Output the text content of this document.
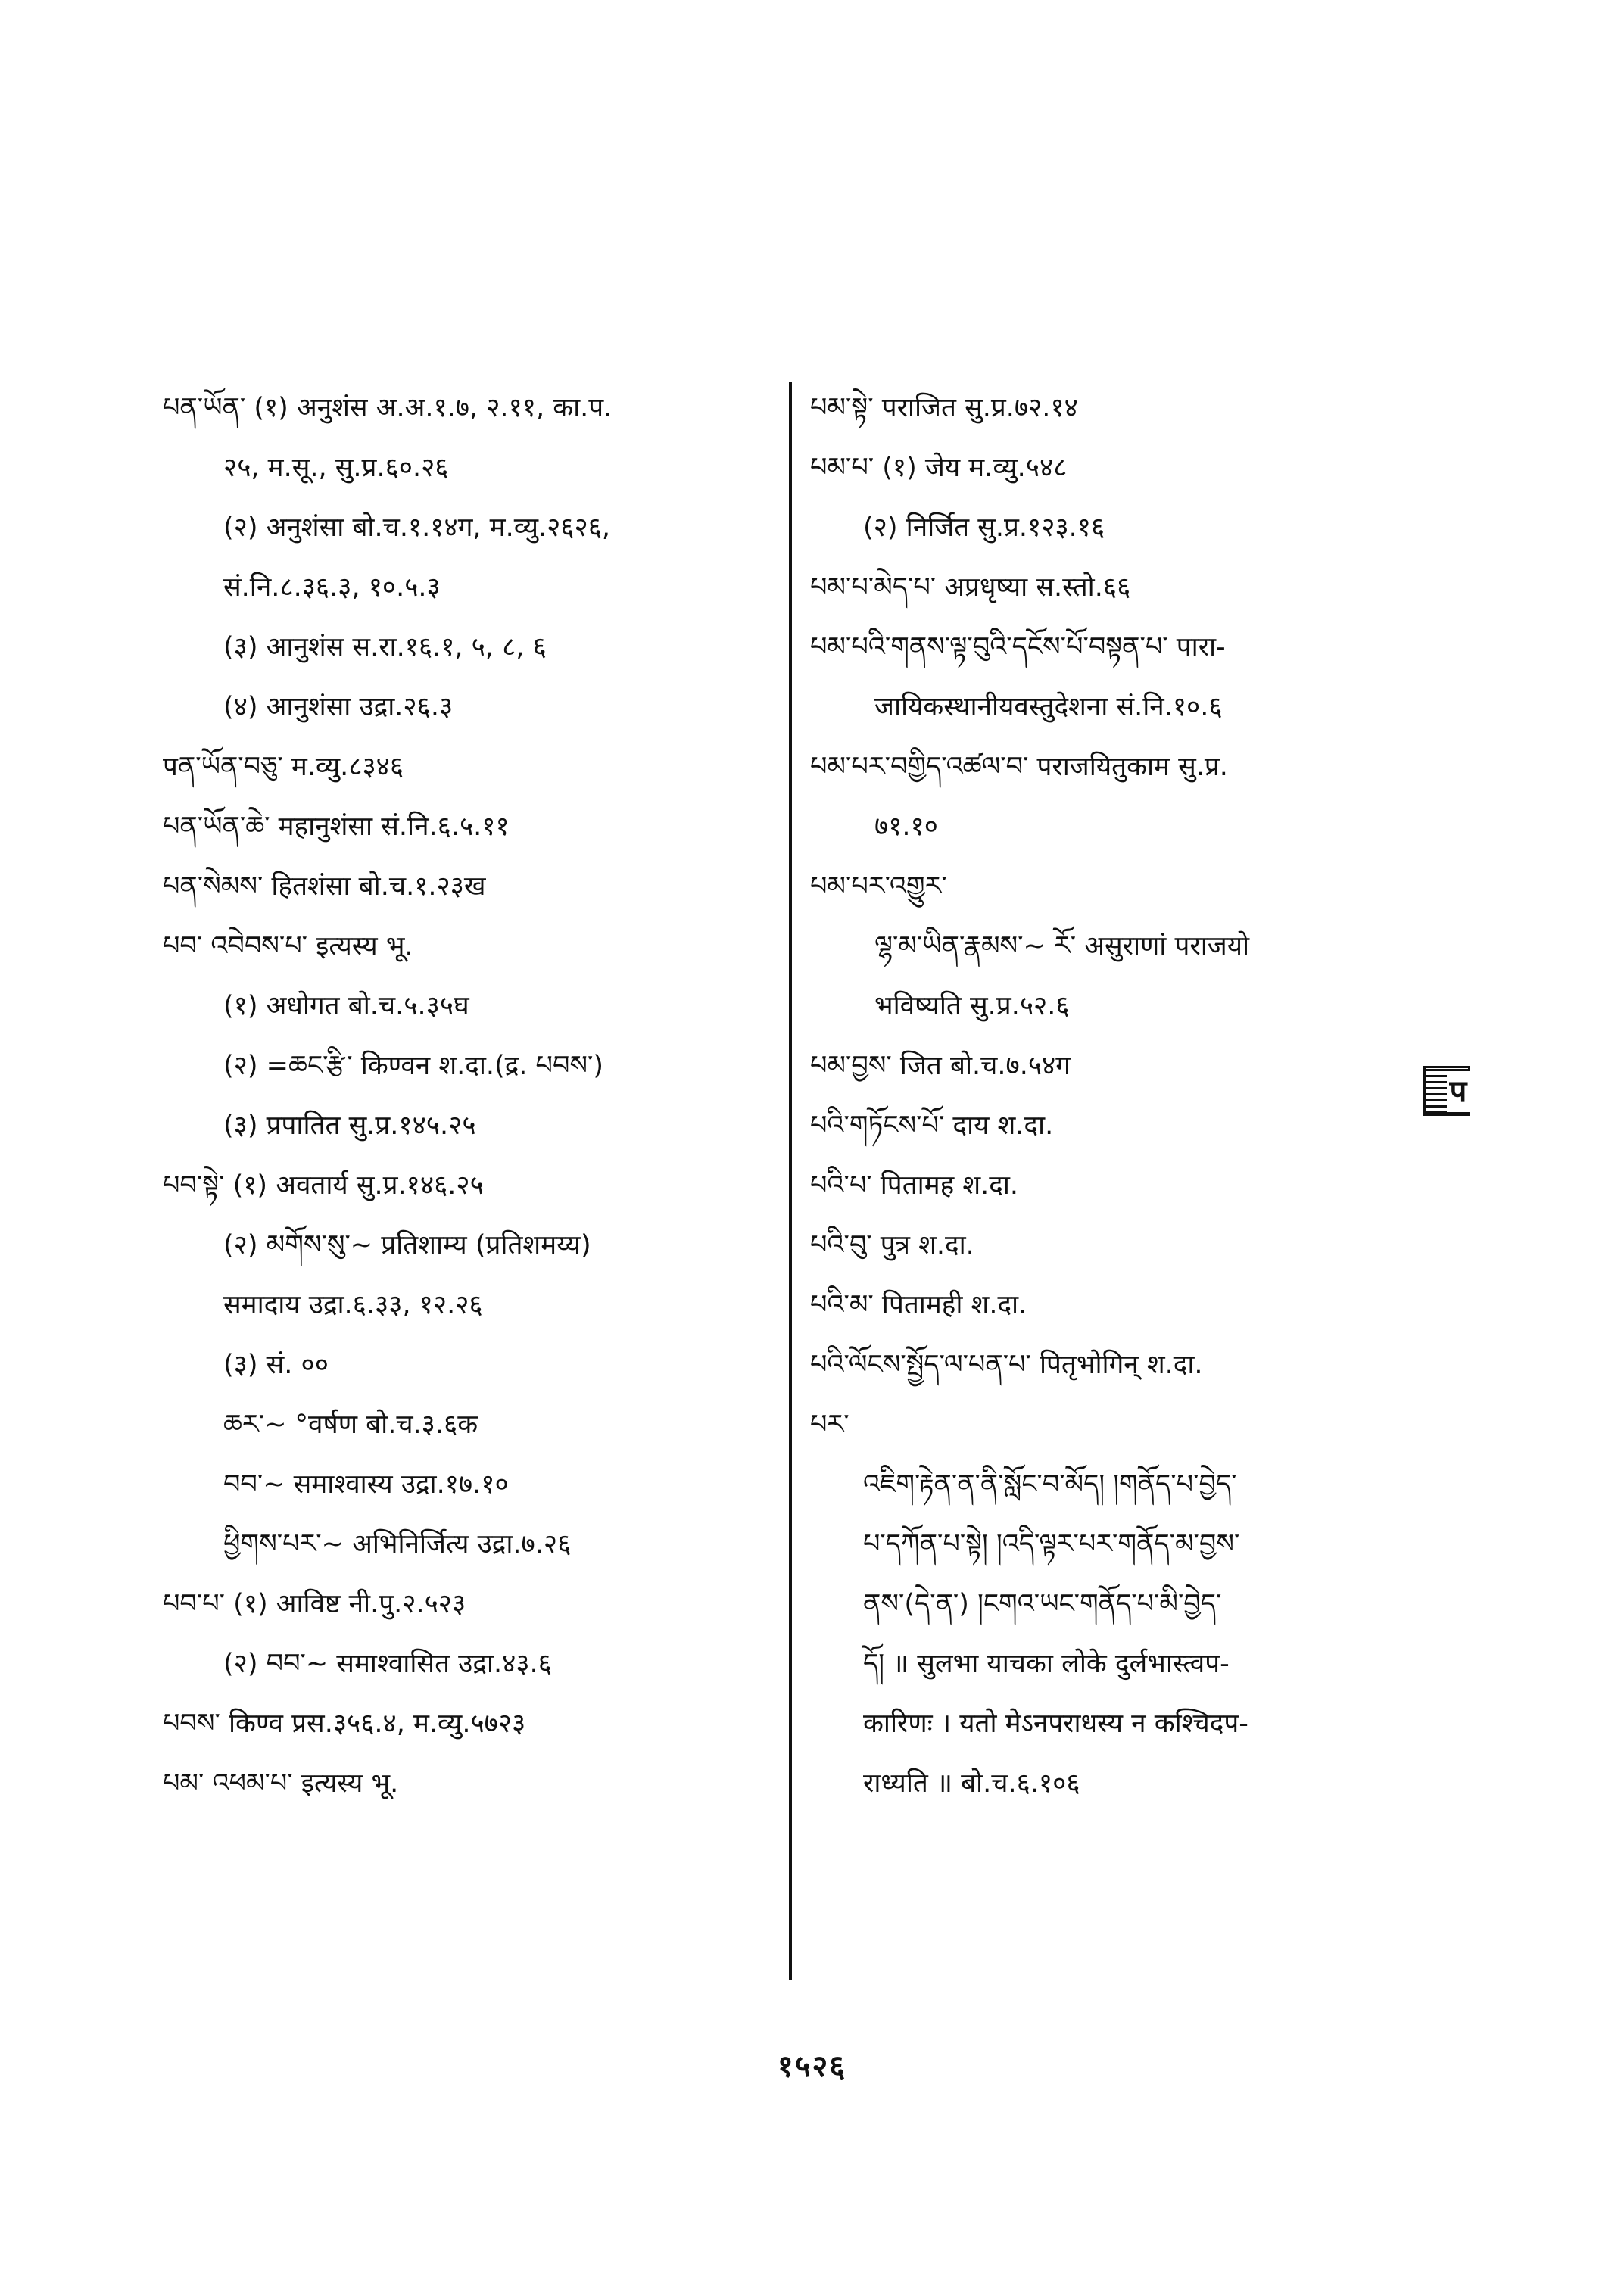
པན་ཡོན་ (१) अनुशंस अ.अ.१.७, २.११, का.प.
२५, म.सू., सु.प्र.६०.२६
(२) अनुशंसा बो.च.१.१४ग, म.व्यु.२६२६,
सं.नि.८.३६.३, १०.५.३
(३) आनुशंस स.रा.१६.१, ५, ८, ६
(४) आनुशंसा उद्रा.२६.३
पན་ཡོན་བཅུ་ म.व्यु.८३४६
པན་ཡོན་ཆེ་ महानुशंसा सं.नि.६.५.११
པན་སེམས་ हितशंसा बो.च.१.२३ख
པབ་ འབེབས་པ་ इत्यस्य भू.
(१) अधोगत बो.च.५.३५घ
(२) =ཆང་རྩི་ किण्वन श.दा.(द्र. པབས་)
(३) प्रपातित सु.प्र.१४५.२५
པབ་སྟེ་ (१) अवतार्य सु.प्र.१४६.२५
(२) མགོས་སུ་~ प्रतिशाम्य (प्रतिशमय्य)
समादाय उद्रा.६.३३, १२.२६
(३) सं. ००
ཆར་~ °वर्षण बो.च.३.६क
བབ་~ समाश्वास्य उद्रा.१७.१०
ཕྱིགས་པར་~ अभिनिर्जित्य उद्रा.७.२६
པབ་པ་ (१) आविष्ट नी.पु.२.५२३
(२) བབ་~ समाश्वासित उद्रा.४३.६
པབས་ किण्व प्रस.३५६.४, म.व्यु.५७२३
པམ་ འཕམ་པ་ इत्यस्य भू.
པམ་སྟེ་ पराजित सु.प्र.७२.१४
པམ་པ་ (१) जेय म.व्यु.५४८
(२) निर्जित सु.प्र.१२३.१६
པམ་པ་མེད་པ་ अप्रधृष्या स.स्तो.६६
པམ་པའི་གནས་ལྟ་བུའི་དངོས་པོ་བསྟན་པ་ पारा-
जायिकस्थानीयवस्तुदेशना सं.नि.१०.६
པམ་པར་བགྱིད་འཚལ་བ་ पराजयितुकाम सु.प्र.
७१.१०
པམ་པར་འགྱུར་
ལྷ་མ་ཡིན་རྣམས་~ རོ་ असुराणां पराजयो
भविष्यति सु.प्र.५२.६
པམ་བྱས་ जित बो.च.७.५४ग
པའི་གཏོངས་པོ་ दाय श.दा.
པའི་པ་ पितामह श.दा.
པའི་བུ་ पुत्र श.दा.
པའི་མ་ पितामही श.दा.
པའི་ལོངས་སྤྱོད་ལ་པན་པ་ पितृभोगिन् श.दा.
པར་
འཇིག་རྟེན་ན་ནི་སློང་བ་མོད། །གནོད་པ་བྱེད་
པ་དཀོན་པ་སྟེ། །འདི་ལྟར་པར་གནོད་མ་བྱས་
ནས་(དེ་ན་) །ངགའ་ཡང་གནོད་པ་མི་བྱེད་
དོ། ॥ सुलभा याचका लोके दुर्लभास्त्वप-
कारिणः । यतो मेऽनपराधस्य न कश्चिदप-
राध्यति ॥ बो.च.६.१०६
प
१५२६
